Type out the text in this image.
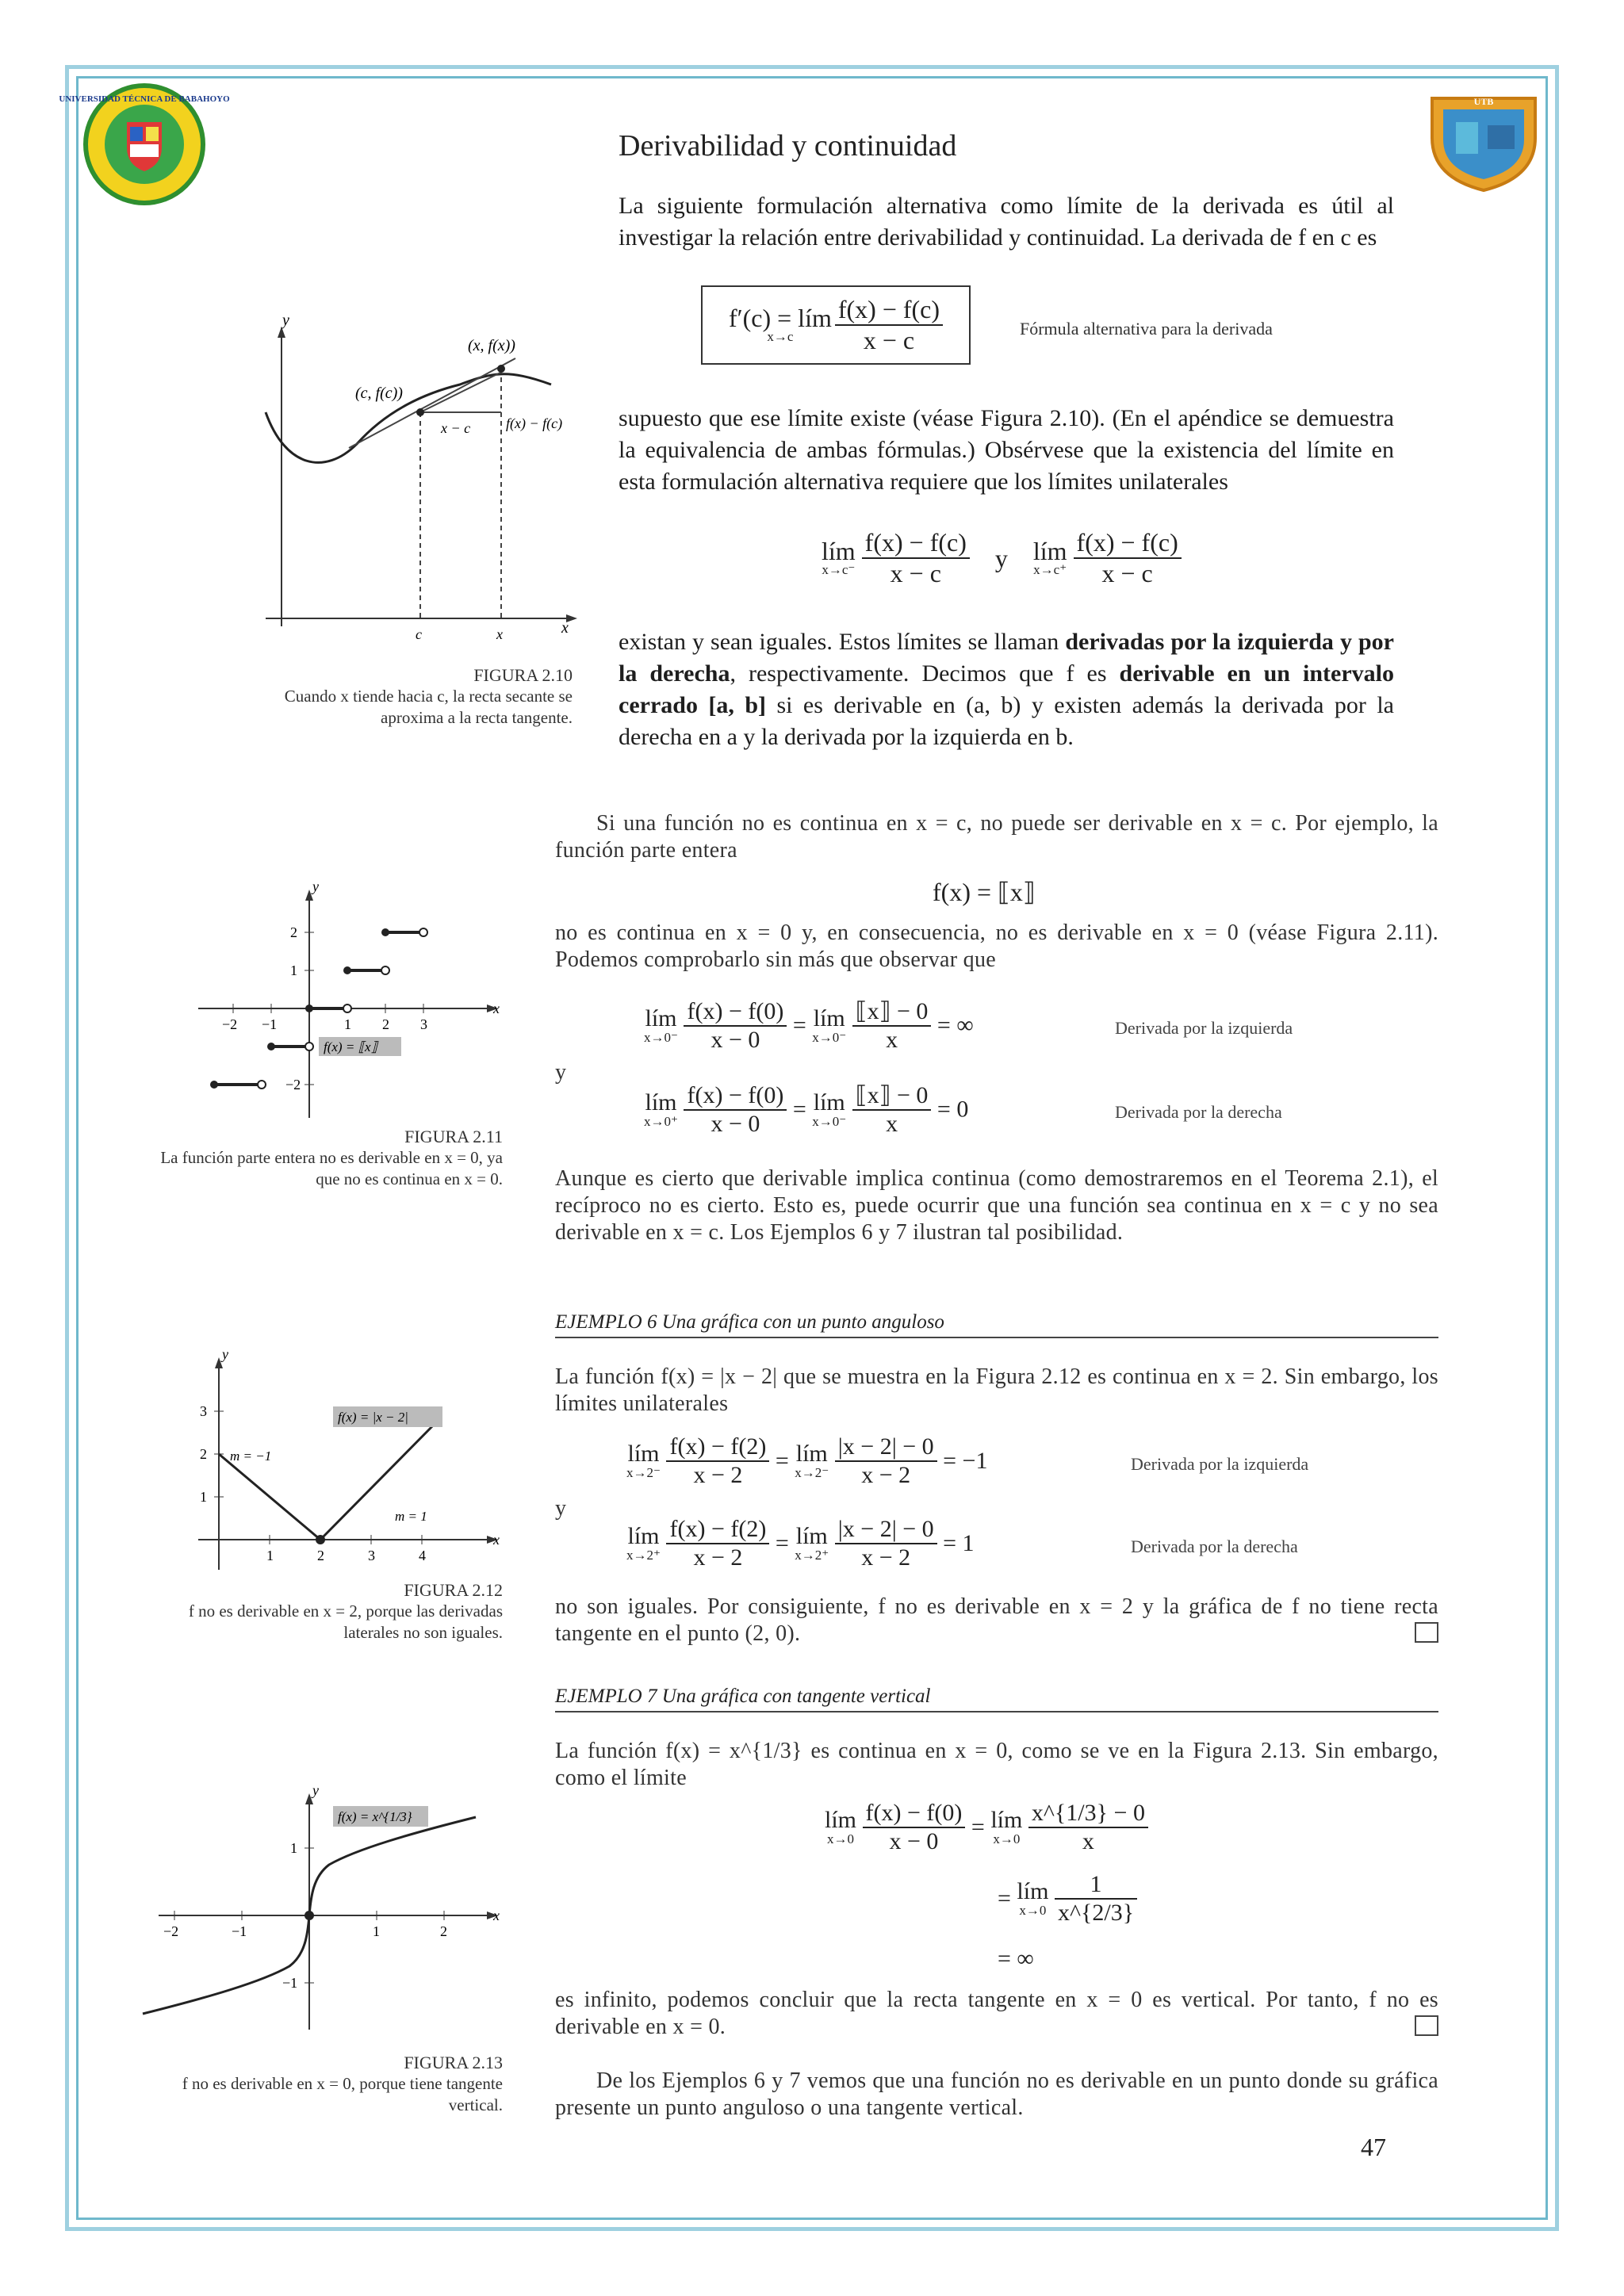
UNIVERSIDAD TÉCNICA DE BABAHOYO	UTB
Derivabilidad y continuidad
La siguiente formulación alternativa como límite de la derivada es útil al investigar la relación entre derivabilidad y continuidad. La derivada de f en c es
f′(c) = lím
x→c	$\frac{f(x) - f(c)}{x - c}$	Fórmula alternativa para la derivada
supuesto que ese límite existe (véase Figura 2.10). (En el apéndice se demuestra la equivalencia de ambas fórmulas.) Obsérvese que la existencia del límite en esta formulación alternativa requiere que los límites unilaterales
lím
x→c⁻
$\frac{f(x) - f(c)}{x - c}$ y lím
x→c⁺
$\frac{f(x) - f(c)}{x - c}$
existan y sean iguales. Estos límites se llaman derivadas por la izquierda y por la derecha, respectivamente. Decimos que f es derivable en un intervalo cerrado [a, b] si es derivable en (a, b) y existen además la derivada por la derecha en a y la derivada por la izquierda en b.
y
(x, f(x))
(c, f(c))
x − c f(x) − f(c)
c	x	x
FIGURA 2.10
Cuando x tiende hacia c, la recta secante se aproxima a la recta tangente.
Si una función no es continua en x = c, no puede ser derivable en x = c. Por ejemplo, la función parte entera
f(x) = ⟦x⟧
no es continua en x = 0 y, en consecuencia, no es derivable en x = 0 (véase Figura 2.11). Podemos comprobarlo sin más que observar que
lím
x→0⁻
$\frac{f(x) - f(0)}{x - 0}$ = lím
x→0⁻
$\frac{⟦x⟧ - 0}{x}$ = ∞	Derivada por la izquierda
y
lím
x→0⁺
$\frac{f(x) - f(0)}{x - 0}$ = lím
x→0⁻
$\frac{⟦x⟧ - 0}{x} = 0$	Derivada por la derecha
y
2
1
−2 −1	1 2 3
x
f(x) = ⟦x⟧
−2
FIGURA 2.11
La función parte entera no es derivable en x = 0, ya que no es continua en x = 0. Aunque es cierto que derivable implica continua (como demostraremos en el Teorema 2.1), el recíproco no es cierto. Esto es, puede ocurrir que una función sea continua en x = c y no sea derivable en x = c. Los Ejemplos 6 y 7 ilustran tal posibilidad.
EJEMPLO 6 Una gráfica con un punto anguloso
La función f(x) = |x − 2| que se muestra en la Figura 2.12 es continua en x = 2. Sin embargo, los límites unilaterales
lím
x→2⁻
$\frac{f(x) - f(2)}{x - 2}$ = lím
x→2⁻
$\frac{|x - 2| - 0}{x - 2} = -1$	Derivada por la izquierda
y
lím
x→2⁺
$\frac{f(x) - f(2)}{x - 2}$ = lím
x→2⁺
$\frac{|x - 2| - 0}{x - 2} = 1$	Derivada por la derecha
no son iguales. Por consiguiente, f no es derivable en x = 2 y la gráfica de f no tiene recta tangente en el punto (2, 0).
y
3
2
1
m = −1
m = 1
1	2	3	4
x
f(x) = |x − 2|
FIGURA 2.12
f no es derivable en x = 2, porque las derivadas laterales no son iguales.
EJEMPLO 7 Una gráfica con tangente vertical
La función f(x) = x^{1/3} es continua en x = 0, como se ve en la Figura 2.13. Sin embargo, como el límite
lím
x→0
$\frac{f(x) - f(0)}{x - 0}$ = lím
x→0
$\frac{x\^{}\{1/3\} - 0}{x}$
= lím
x→0
$\frac{1}{x\^{}\{2/3\}}$
= ∞
es infinito, podemos concluir que la recta tangente en x = 0 es vertical. Por tanto, f no es derivable en x = 0.
y
f(x) = x^{1/3}
1
−2	−1	1	2
x
−1
FIGURA 2.13
f no es derivable en x = 0, porque tiene tangente vertical.
De los Ejemplos 6 y 7 vemos que una función no es derivable en un punto donde su gráfica presente un punto anguloso o una tangente vertical.
47
